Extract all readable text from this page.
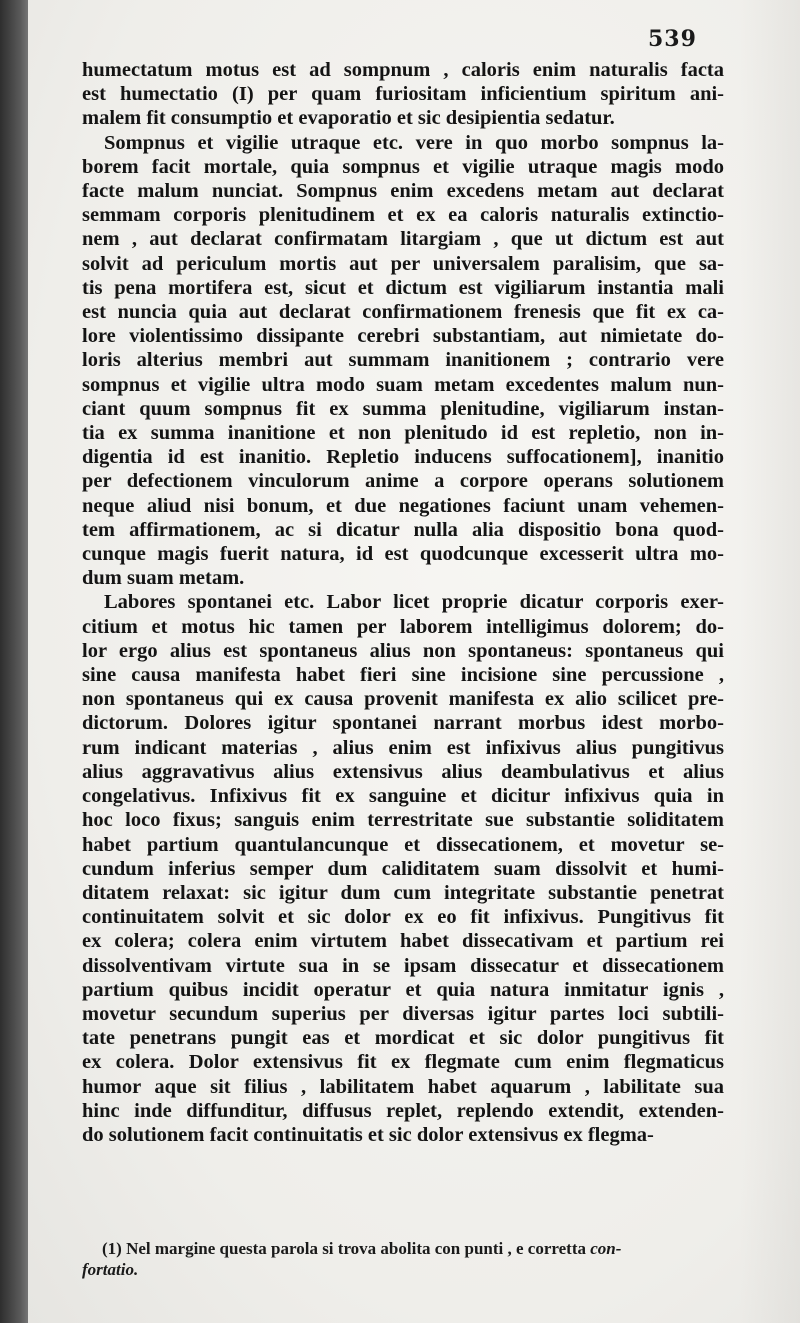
539

humectatum motus est ad sompnum , caloris enim naturalis facta
est humectatio (I) per quam furiositam inficientium spiritum ani-
malem fit consumptio et evaporatio et sic desipientia sedatur.

Sompnus et vigilie utraque etc. vere in quo morbo sompnus la-
borem facit mortale, quia sompnus et vigilie utraque magis modo
facte malum nunciat. Sompnus enim excedens metam aut declarat
semmam corporis plenitudinem et ex ea caloris naturalis extinctio-
nem , aut declarat confirmatam litargiam , que ut dictum est aut
solvit ad periculum mortis aut per universalem paralisim, que sa-
tis pena mortifera est, sicut et dictum est vigiliarum instantia mali
est nuncia quia aut declarat confirmationem frenesis que fit ex ca-
lore violentissimo dissipante cerebri substantiam, aut nimietate do-
loris alterius membri aut summam inanitionem ; contrario vere
sompnus et vigilie ultra modo suam metam excedentes malum nun-
ciant quum sompnus fit ex summa plenitudine, vigiliarum instan-
tia ex summa inanitione et non plenitudo id est repletio, non in-
digentia id est inanitio. Repletio inducens suffocationem], inanitio
per defectionem vinculorum anime a corpore operans solutionem
neque aliud nisi bonum, et due negationes faciunt unam vehemen-
tem affirmationem, ac si dicatur nulla alia dispositio bona quod-
cunque magis fuerit natura, id est quodcunque excesserit ultra mo-
dum suam metam.

Labores spontanei etc. Labor licet proprie dicatur corporis exer-
citium et motus hic tamen per laborem intelligimus dolorem; do-
lor ergo alius est spontaneus alius non spontaneus: spontaneus qui
sine causa manifesta habet fieri sine incisione sine percussione ,
non spontaneus qui ex causa provenit manifesta ex alio scilicet pre-
dictorum. Dolores igitur spontanei narrant morbus idest morbo-
rum indicant materias , alius enim est infixivus alius pungitivus
alius aggravativus alius extensivus alius deambulativus et alius
congelativus. Infixivus fit ex sanguine et dicitur infixivus quia in
hoc loco fixus; sanguis enim terrestritate sue substantie soliditatem
habet partium quantulancunque et dissecationem, et movetur se-
cundum inferius semper dum caliditatem suam dissolvit et humi-
ditatem relaxat: sic igitur dum cum integritate substantie penetrat
continuitatem solvit et sic dolor ex eo fit infixivus. Pungitivus fit
ex colera; colera enim virtutem habet dissecativam et partium rei
dissolventivam virtute sua in se ipsam dissecatur et dissecationem
partium quibus incidit operatur et quia natura inmitatur ignis ,
movetur secundum superius per diversas igitur partes loci subtili-
tate penetrans pungit eas et mordicat et sic dolor pungitivus fit
ex colera. Dolor extensivus fit ex flegmate cum enim flegmaticus
humor aque sit filius , labilitatem habet aquarum , labilitate sua
hinc inde diffunditur, diffusus replet, replendo extendit, extenden-
do solutionem facit continuitatis et sic dolor extensivus ex flegma-

(1) Nel margine questa parola si trova abolita con punti , e corretta con-
fortatio.
